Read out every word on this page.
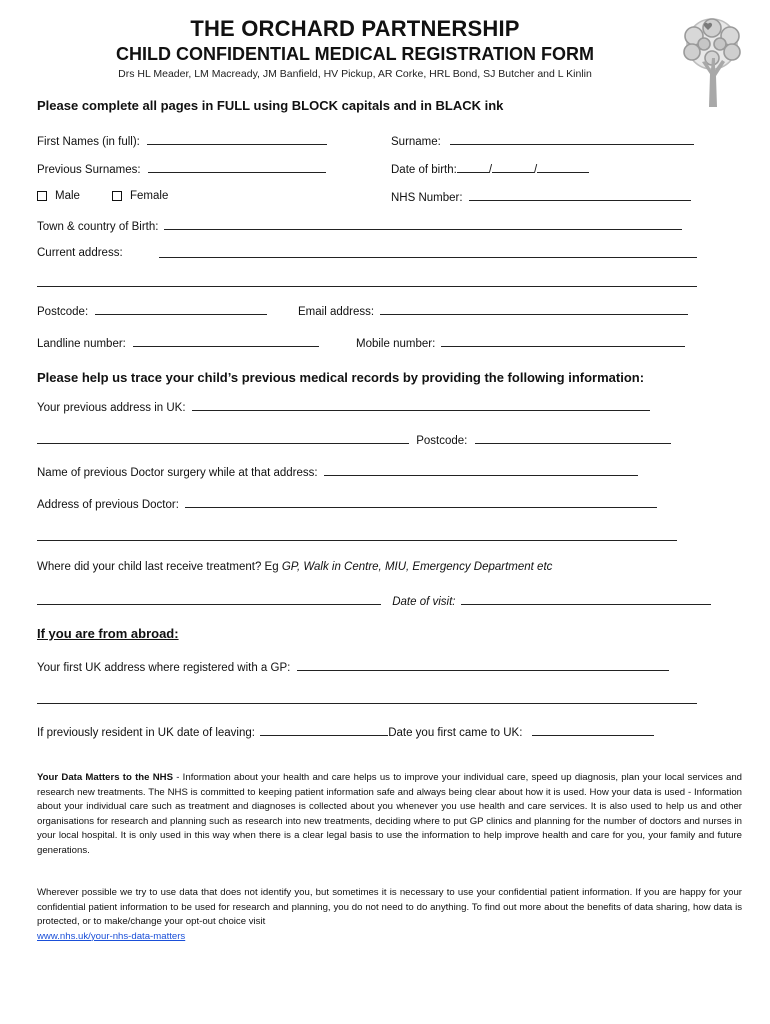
THE ORCHARD PARTNERSHIP
CHILD CONFIDENTIAL MEDICAL REGISTRATION FORM
Drs HL Meader, LM Macready, JM Banfield, HV Pickup, AR Corke, HRL Bond, SJ Butcher and L Kinlin
Please complete all pages in FULL using BLOCK capitals and in BLACK ink
First Names (in full):	Surname:
Previous Surnames:	Date of birth:	/	/
Male	Female	NHS Number:
Town & country of Birth:
Current address:
Postcode:	Email address:
Landline number:	Mobile number:
Please help us trace your child’s previous medical records by providing the following information:
Your previous address in UK:
Postcode:
Name of previous Doctor surgery while at that address:
Address of previous Doctor:
Where did your child last receive treatment? Eg GP, Walk in Centre, MIU, Emergency Department etc
Date of visit:
If you are from abroad:
Your first UK address where registered with a GP:
If previously resident in UK date of leaving:	Date you first came to UK:
Your Data Matters to the NHS - Information about your health and care helps us to improve your individual care, speed up diagnosis, plan your local services and research new treatments. The NHS is committed to keeping patient information safe and always being clear about how it is used. How your data is used - Information about your individual care such as treatment and diagnoses is collected about you whenever you use health and care services. It is also used to help us and other organisations for research and planning such as research into new treatments, deciding where to put GP clinics and planning for the number of doctors and nurses in your local hospital. It is only used in this way when there is a clear legal basis to use the information to help improve health and care for you, your family and future generations.
Wherever possible we try to use data that does not identify you, but sometimes it is necessary to use your confidential patient information. If you are happy for your confidential patient information to be used for research and planning, you do not need to do anything. To find out more about the benefits of data sharing, how data is protected, or to make/change your opt-out choice visit
www.nhs.uk/your-nhs-data-matters
